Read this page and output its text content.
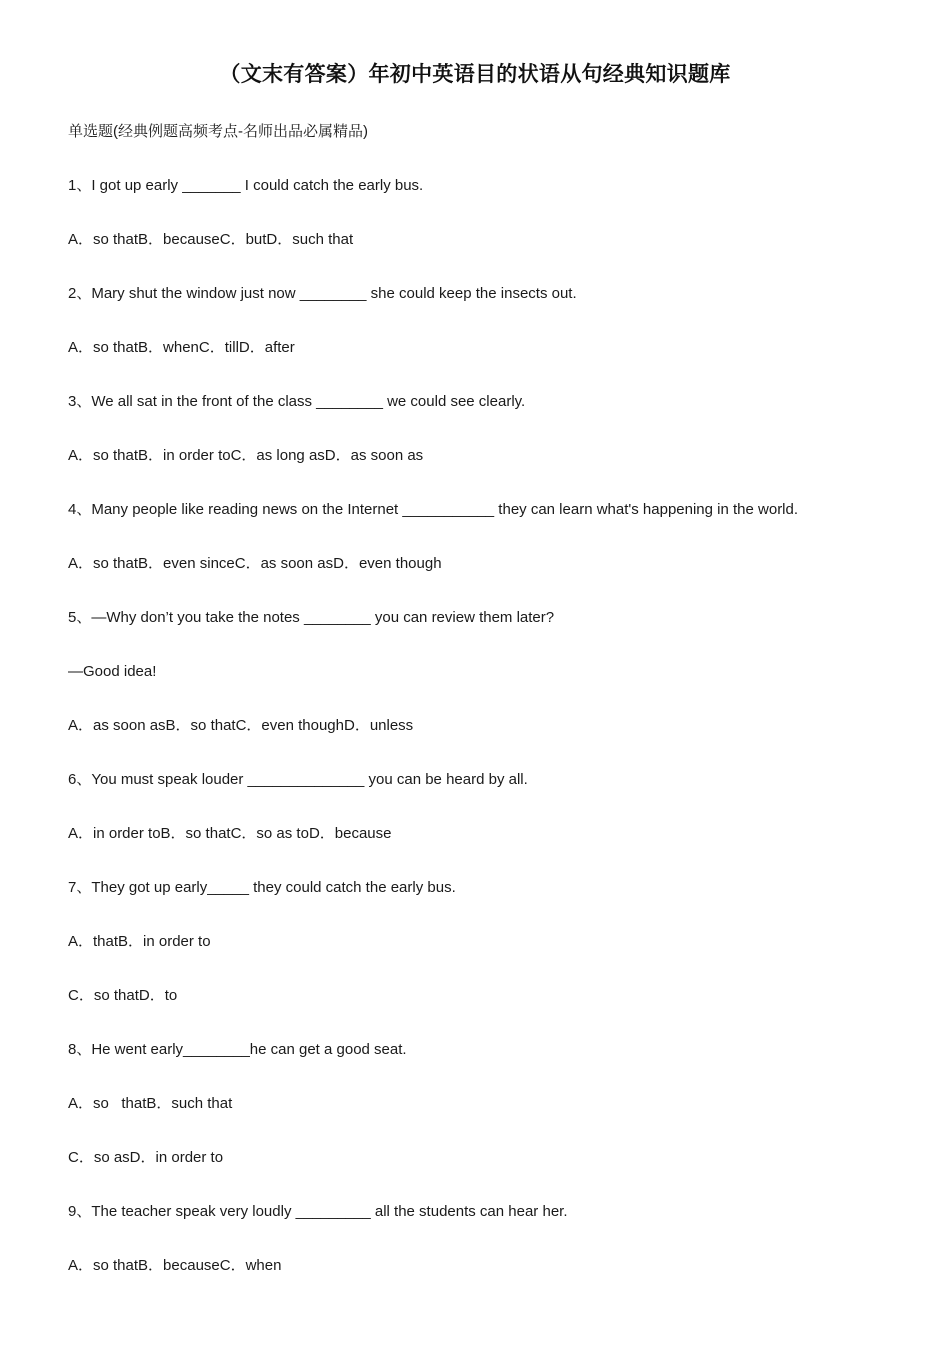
（文末有答案）年初中英语目的状语从句经典知识题库
单选题(经典例题高频考点-名师出品必属精品)
1、I got up early _______ I could catch the early bus.
A．so thatB．becauseC．butD．such that
2、Mary shut the window just now ________ she could keep the insects out.
A．so thatB．whenC．tillD．after
3、We all sat in the front of the class ________ we could see clearly.
A．so thatB．in order toC．as long asD．as soon as
4、Many people like reading news on the Internet ___________ they can learn what's happening in the world.
A．so thatB．even sinceC．as soon asD．even though
5、—Why don’t you take the notes ________ you can review them later?
—Good idea!
A．as soon asB．so thatC．even thoughD．unless
6、You must speak louder ______________ you can be heard by all.
A．in order toB．so thatC．so as toD．because
7、They got up early_____ they could catch the early bus.
A．thatB．in order to
C．so thatD．to
8、He went early________he can get a good seat.
A．so   thatB．such that
C．so asD．in order to
9、The teacher speak very loudly _________ all the students can hear her.
A．so thatB．becauseC．when
